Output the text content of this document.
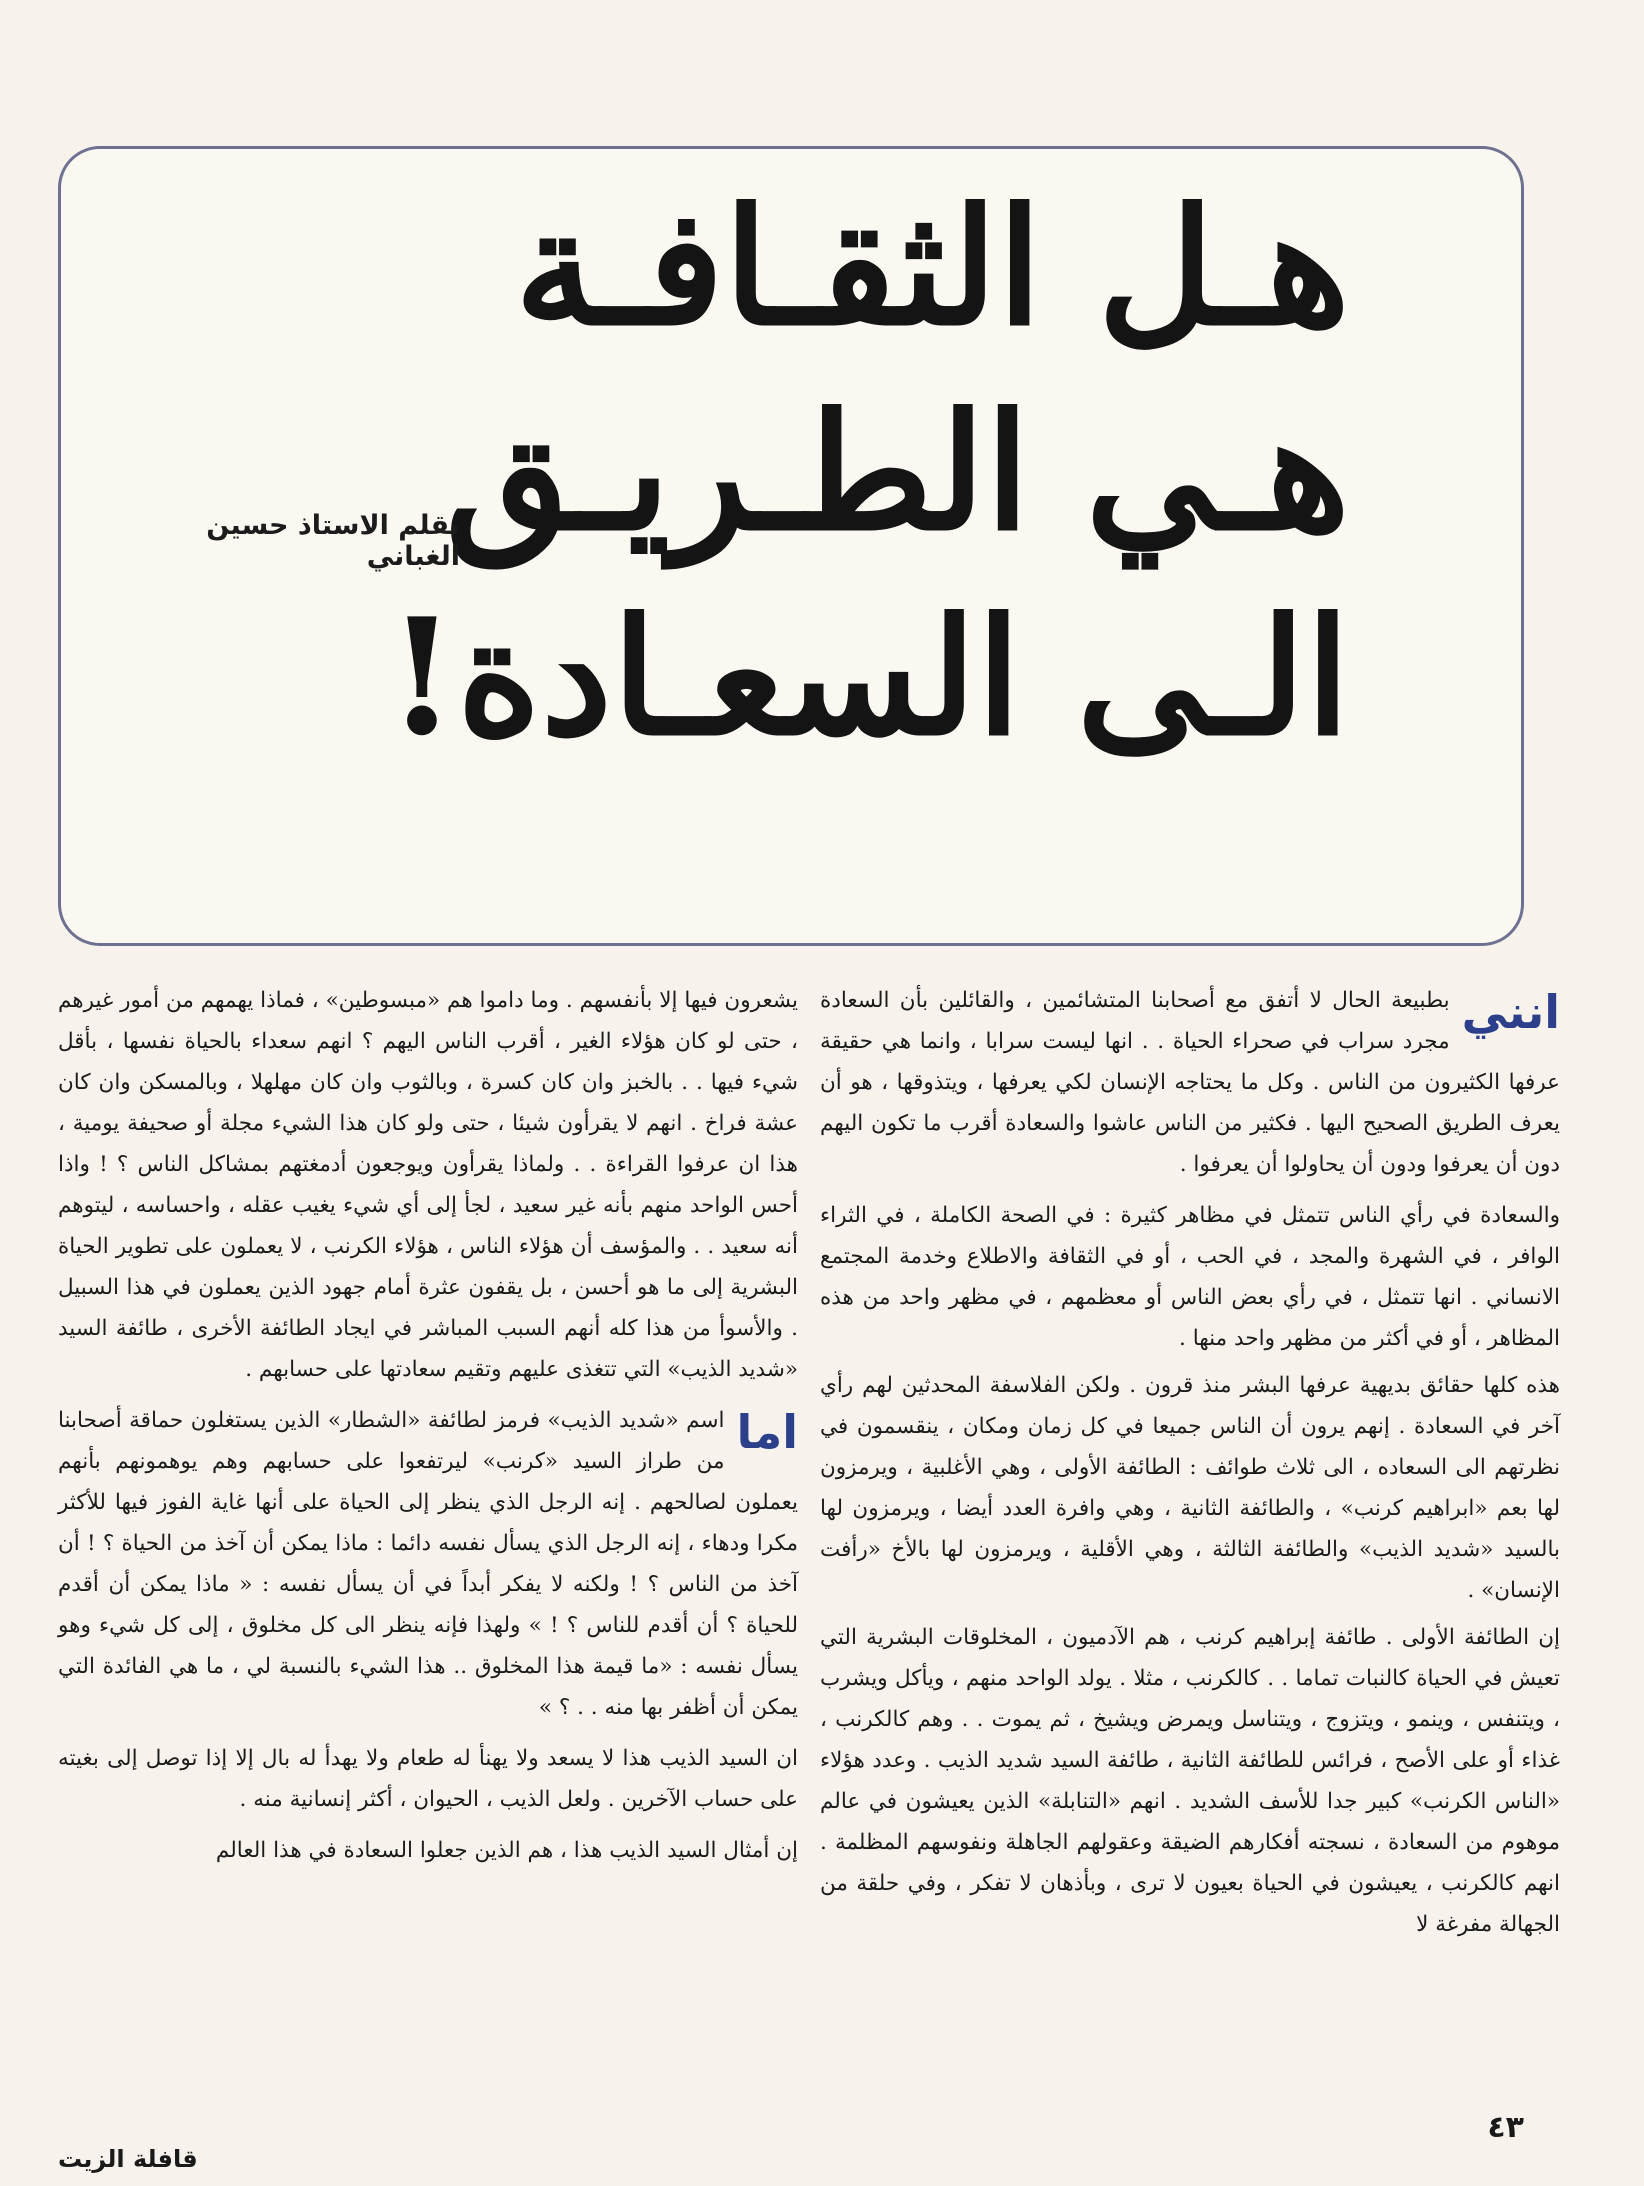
هـل الثقـافـة
هـي الطـريـق
الـى السعـادة!
بقلم الاستاذ حسين الغباني
انني

بطبيعة الحال لا أتفق مع أصحابنا المتشائمين ، والقائلين بأن السعادة مجرد سراب في صحراء الحياة . . انها ليست سرابا ، وانما هي حقيقة عرفها الكثيرون من الناس . وكل ما يحتاجه الإنسان لكي يعرفها ، ويتذوقها ، هو أن يعرف الطريق الصحيح اليها . فكثير من الناس عاشوا والسعادة أقرب ما تكون اليهم دون أن يعرفوا ودون أن يحاولوا أن يعرفوا .

والسعادة في رأي الناس تتمثل في مظاهر كثيرة : في الصحة الكاملة ، في الثراء الوافر ، في الشهرة والمجد ، في الحب ، أو في الثقافة والاطلاع وخدمة المجتمع الانساني . انها تتمثل ، في رأي بعض الناس أو معظمهم ، في مظهر واحد من هذه المظاهر ، أو في أكثر من مظهر واحد منها .

هذه كلها حقائق بديهية عرفها البشر منذ قرون . ولكن الفلاسفة المحدثين لهم رأي آخر في السعادة . إنهم يرون أن الناس جميعا في كل زمان ومكان ، ينقسمون في نظرتهم الى السعاده ، الى ثلاث طوائف : الطائفة الأولى ، وهي الأغلبية ، ويرمزون لها بعم «ابراهيم كرنب» ، والطائفة الثانية ، وهي وافرة العدد أيضا ، ويرمزون لها بالسيد «شديد الذيب» والطائفة الثالثة ، وهي الأقلية ، ويرمزون لها بالأخ «رأفت الإنسان» .

إن الطائفة الأولى . طائفة إبراهيم كرنب ، هم الآدميون ، المخلوقات البشرية التي تعيش في الحياة كالنبات تماما . . كالكرنب ، مثلا . يولد الواحد منهم ، ويأكل ويشرب ، ويتنفس ، وينمو ، ويتزوج ، ويتناسل ويمرض ويشيخ ، ثم يموت . . وهم كالكرنب ، غذاء أو على الأصح ، فرائس للطائفة الثانية ، طائفة السيد شديد الذيب . وعدد هؤلاء «الناس الكرنب» كبير جدا للأسف الشديد . انهم «التنابلة» الذين يعيشون في عالم موهوم من السعادة ، نسجته أفكارهم الضيقة وعقولهم الجاهلة ونفوسهم المظلمة . انهم كالكرنب ، يعيشون في الحياة بعيون لا ترى ، وبأذهان لا تفكر ، وفي حلقة من الجهالة مفرغة لا

يشعرون فيها إلا بأنفسهم . وما داموا هم «مبسوطين» ، فماذا يهمهم من أمور غيرهم ، حتى لو كان هؤلاء الغير ، أقرب الناس اليهم ؟ انهم سعداء بالحياة نفسها ، بأقل شيء فيها . . بالخبز وان كان كسرة ، وبالثوب وان كان مهلهلا ، وبالمسكن وان كان عشة فراخ . انهم لا يقرأون شيئا ، حتى ولو كان هذا الشيء مجلة أو صحيفة يومية ، هذا ان عرفوا القراءة . . ولماذا يقرأون ويوجعون أدمغتهم بمشاكل الناس ؟ ! واذا أحس الواحد منهم بأنه غير سعيد ، لجأ إلى أي شيء يغيب عقله ، واحساسه ، ليتوهم أنه سعيد . . والمؤسف أن هؤلاء الناس ، هؤلاء الكرنب ، لا يعملون على تطوير الحياة البشرية إلى ما هو أحسن ، بل يقفون عثرة أمام جهود الذين يعملون في هذا السبيل . والأسوأ من هذا كله أنهم السبب المباشر في ايجاد الطائفة الأخرى ، طائفة السيد «شديد الذيب» التي تتغذى عليهم وتقيم سعادتها على حسابهم .

اما
اسم «شديد الذيب» فرمز لطائفة «الشطار» الذين يستغلون حماقة أصحابنا من طراز السيد «كرنب» ليرتفعوا على حسابهم وهم يوهمونهم بأنهم يعملون لصالحهم . إنه الرجل الذي ينظر إلى الحياة على أنها غاية الفوز فيها للأكثر مكرا ودهاء ، إنه الرجل الذي يسأل نفسه دائما : ماذا يمكن أن آخذ من الحياة ؟ ! أن آخذ من الناس ؟ ! ولكنه لا يفكر أبداً في أن يسأل نفسه : « ماذا يمكن أن أقدم للحياة ؟ أن أقدم للناس ؟ ! » ولهذا فإنه ينظر الى كل مخلوق ، إلى كل شيء وهو يسأل نفسه : «ما قيمة هذا المخلوق .. هذا الشيء بالنسبة لي ، ما هي الفائدة التي يمكن أن أظفر بها منه . . ؟ »

ان السيد الذيب هذا لا يسعد ولا يهنأ له طعام ولا يهدأ له بال إلا إذا توصل إلى بغيته على حساب الآخرين . ولعل الذيب ، الحيوان ، أكثر إنسانية منه .

إن أمثال السيد الذيب هذا ، هم الذين جعلوا السعادة في هذا العالم

٤٣
قافلة الزيت
